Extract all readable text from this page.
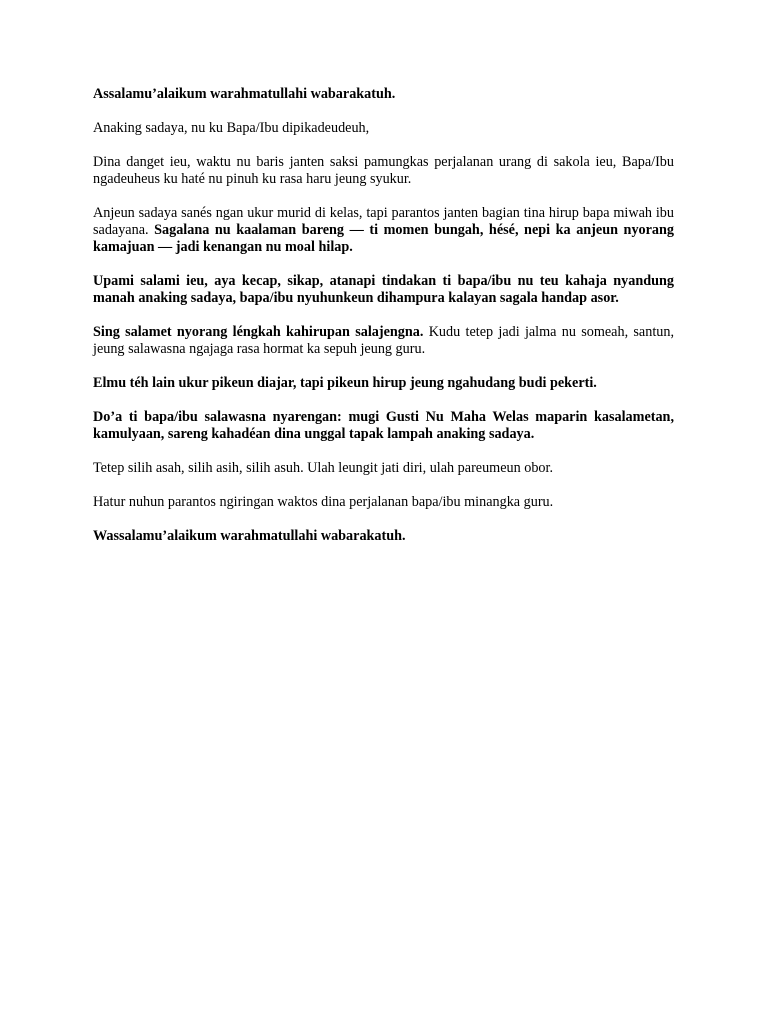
Assalamu’alaikum warahmatullahi wabarakatuh.

Anaking sadaya, nu ku Bapa/Ibu dipikadeudeuh,

Dina danget ieu, waktu nu baris janten saksi pamungkas perjalanan urang di sakola ieu, Bapa/Ibu ngadeuheus ku haté nu pinuh ku rasa haru jeung syukur.

Anjeun sadaya sanés ngan ukur murid di kelas, tapi parantos janten bagian tina hirup bapa miwah ibu sadayana. Sagalana nu kaalaman bareng — ti momen bungah, hésé, nepi ka anjeun nyorang kamajuan — jadi kenangan nu moal hilap.

Upami salami ieu, aya kecap, sikap, atanapi tindakan ti bapa/ibu nu teu kahaja nyandung manah anaking sadaya, bapa/ibu nyuhunkeun dihampura kalayan sagala handap asor.

Sing salamet nyorang léngkah kahirupan salajengna. Kudu tetep jadi jalma nu someah, santun, jeung salawasna ngajaga rasa hormat ka sepuh jeung guru.

Elmu téh lain ukur pikeun diajar, tapi pikeun hirup jeung ngahudang budi pekerti.

Do’a ti bapa/ibu salawasna nyarengan: mugi Gusti Nu Maha Welas maparin kasalametan, kamulyaan, sareng kahadéan dina unggal tapak lampah anaking sadaya.

Tetep silih asah, silih asih, silih asuh. Ulah leungit jati diri, ulah pareumeun obor.

Hatur nuhun parantos ngiringan waktos dina perjalanan bapa/ibu minangka guru.

Wassalamu’alaikum warahmatullahi wabarakatuh.
